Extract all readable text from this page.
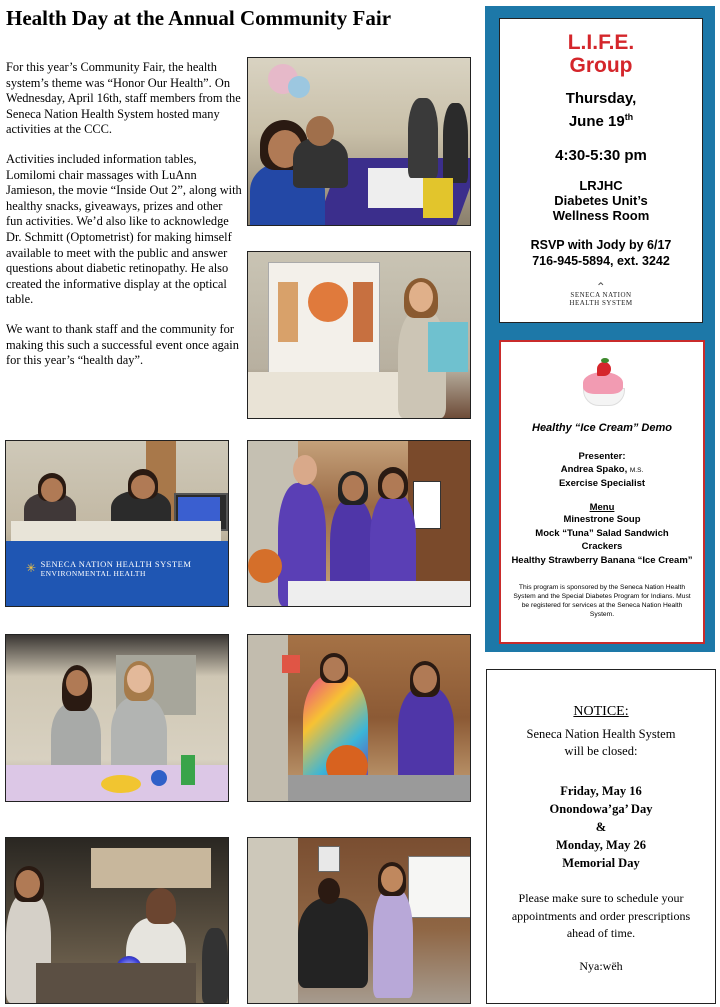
Health Day at the Annual Community Fair

For this year’s Community Fair, the health system’s theme was “Honor Our Health”. On Wednesday, April 16th, staff members from the Seneca Nation Health System hosted many activities at the CCC.

Activities included information tables, Lomilomi chair massages with LuAnn Jamieson, the movie “Inside Out 2”, along with healthy snacks, giveaways, prizes and other fun activities. We’d also like to acknowledge Dr. Schmitt (Optometrist) for making himself available to meet with the public and answer questions about diabetic retinopathy. He also created the informative display at the optical table.

We want to thank staff and the community for making this such a successful event once again for this year’s “health day”.

✳ SENECA NATION HEALTH SYSTEM
ENVIRONMENTAL HEALTH
L.I.F.E.
Group
Thursday,
June 19th
4:30-5:30 pm
LRJHC
Diabetes Unit’s
Wellness Room
RSVP with Jody by 6/17
716-945-5894, ext. 3242
⌃
SENECA NATION
HEALTH SYSTEM
Healthy “Ice Cream” Demo
Presenter:
Andrea Spako, M.S.
Exercise Specialist
Menu
Minestrone Soup
Mock “Tuna” Salad Sandwich
Crackers
Healthy Strawberry Banana “Ice Cream”
This program is sponsored by the Seneca Nation Health System and the Special Diabetes Program for Indians. Must be registered for services at the Seneca Nation Health System.
NOTICE:
Seneca Nation Health System
will be closed:
Friday, May 16
Onondowa’ga’ Day
&
Monday, May 26
Memorial Day
Please make sure to schedule your appointments and order prescriptions ahead of time.
Nya:wëh
